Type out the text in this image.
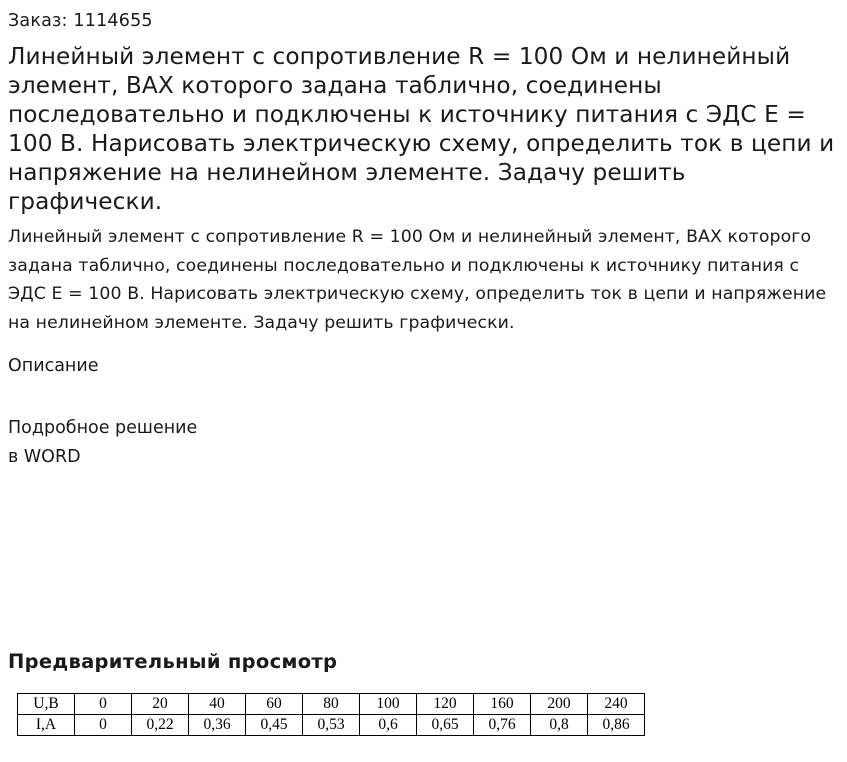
Заказ: 1114655
Линейный элемент с сопротивление R = 100 Ом и нелинейный элемент, ВАХ которого задана таблично, соединены последовательно и подключены к источнику питания с ЭДС Е = 100 В. Нарисовать электрическую схему, определить ток в цепи и напряжение на нелинейном элементе. Задачу решить графически.

Линейный элемент с сопротивление R = 100 Ом и нелинейный элемент, ВАХ которого задана таблично, соединены последовательно и подключены к источнику питания с ЭДС Е = 100 В. Нарисовать электрическую схему, определить ток в цепи и напряжение на нелинейном элементе. Задачу решить графически.

Описание
Подробное решение
в WORD
Предварительный просмотр
U,В	0	20	40	60	80	100	120	160	200	240
I,А	0	0,22	0,36	0,45	0,53	0,6	0,65	0,76	0,8	0,86
